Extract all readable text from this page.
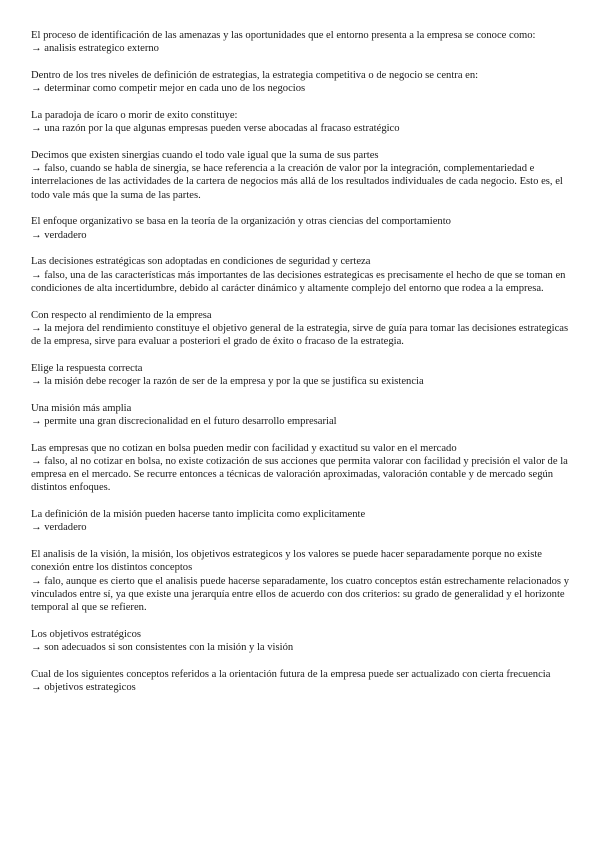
El proceso de identificación de las amenazas y las oportunidades que el entorno presenta a la empresa se conoce como:
→ analisis estrategico externo
Dentro de los tres niveles de definición de estrategias, la estrategia competitiva o de negocio se centra en:
→ determinar como competir mejor en cada uno de los negocios
La paradoja de ícaro o morir de exito constituye:
→ una razón por la que algunas empresas pueden verse abocadas al fracaso estratégico
Decimos que existen sinergias cuando el todo vale igual que la suma de sus partes
→ falso, cuando se habla de sinergia, se hace referencia a la creación de valor por la integración, complementariedad e interrelaciones de las actividades de la cartera de negocios más allá de los resultados individuales de cada negocio. Esto es, el todo vale más que la suma de las partes.
El enfoque organizativo se basa en la teoría de la organización y otras ciencias del comportamiento
→ verdadero
Las decisiones estratégicas son adoptadas en condiciones de seguridad y certeza
→ falso, una de las características más importantes de las decisiones estrategicas es precisamente el hecho de que se toman en condiciones de alta incertidumbre, debido al carácter dinámico y altamente complejo del entorno que rodea a la empresa.
Con respecto al rendimiento de la empresa
→ la mejora del rendimiento constituye el objetivo general de la estrategia, sirve de guía para tomar las decisiones estrategicas de la empresa, sirve para evaluar a posteriori el grado de éxito o fracaso de la estrategia.
Elige la respuesta correcta
→ la misión debe recoger la razón de ser de la empresa y por la que se justifica su existencia
Una misión más amplia
→ permite una gran discrecionalidad en el futuro desarrollo empresarial
Las empresas que no cotizan en bolsa pueden medir con facilidad y exactitud su valor en el mercado
→ falso, al no cotizar en bolsa, no existe cotización de sus acciones que permita valorar con facilidad y precisión el valor de la empresa en el mercado. Se recurre entonces a técnicas de valoración aproximadas, valoración contable y de mercado según distintos enfoques.
La definición de la misión pueden hacerse tanto implicita como explicitamente
→ verdadero
El analisis de la visión, la misión, los objetivos estrategicos y los valores se puede hacer separadamente porque no existe conexión entre los distintos conceptos
→ falo, aunque es cierto que el analisis puede hacerse separadamente, los cuatro conceptos están estrechamente relacionados y vinculados entre sí, ya que existe una jerarquía entre ellos de acuerdo con dos criterios: su grado de generalidad y el horizonte temporal al que se refieren.
Los objetivos estratégicos
→ son adecuados si son consistentes con la misión y la visión
Cual de los siguientes conceptos referidos a la orientación futura de la empresa puede ser actualizado con cierta frecuencia
→ objetivos estrategicos
